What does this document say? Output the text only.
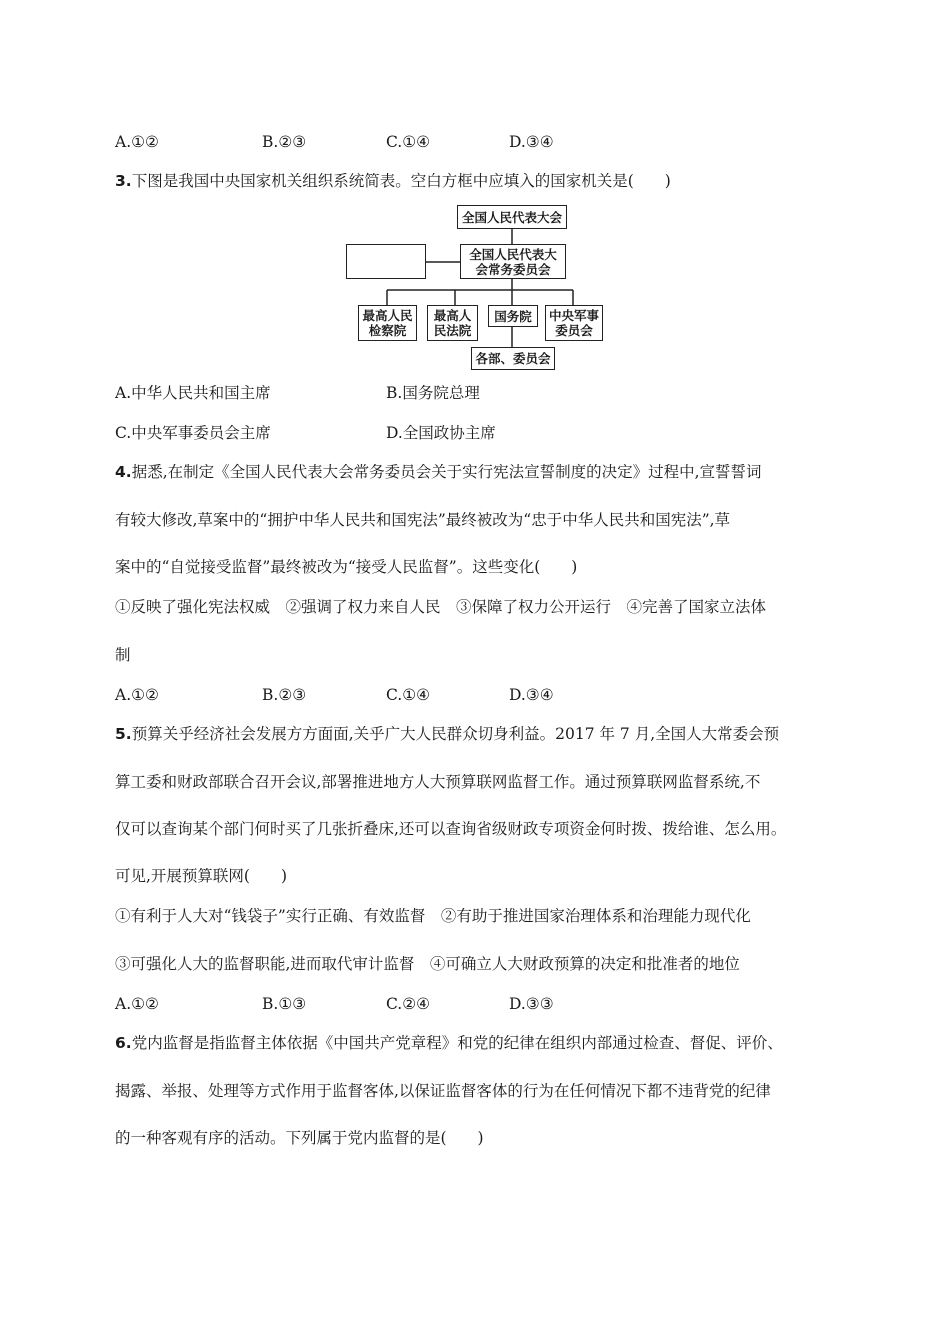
A.①②	B.②③	C.①④	D.③④
3.下图是我国中央国家机关组织系统简表。空白方框中应填入的国家机关是(　　)
全国人民代表大会
全国人民代表大
会常务委员会
最高人民
检察院
最高人
民法院
国务院 中央军事
委员会
各部、委员会
A.中华人民共和国主席	B.国务院总理
C.中央军事委员会主席	D.全国政协主席
4.据悉,在制定《全国人民代表大会常务委员会关于实行宪法宣誓制度的决定》过程中,宣誓誓词
有较大修改,草案中的“拥护中华人民共和国宪法”最终被改为“忠于中华人民共和国宪法”,草
案中的“自觉接受监督”最终被改为“接受人民监督”。这些变化(　　)
①反映了强化宪法权威　②强调了权力来自人民　③保障了权力公开运行　④完善了国家立法体
制
A.①②	B.②③	C.①④	D.③④
5.预算关乎经济社会发展方方面面,关乎广大人民群众切身利益。2017 年 7 月,全国人大常委会预
算工委和财政部联合召开会议,部署推进地方人大预算联网监督工作。通过预算联网监督系统,不
仅可以查询某个部门何时买了几张折叠床,还可以查询省级财政专项资金何时拨、拨给谁、怎么用。
可见,开展预算联网(　　)
①有利于人大对“钱袋子”实行正确、有效监督　②有助于推进国家治理体系和治理能力现代化
③可强化人大的监督职能,进而取代审计监督　④可确立人大财政预算的决定和批准者的地位
A.①②	B.①③	C.②④	D.③③
6.党内监督是指监督主体依据《中国共产党章程》和党的纪律在组织内部通过检查、督促、评价、
揭露、举报、处理等方式作用于监督客体,以保证监督客体的行为在任何情况下都不违背党的纪律
的一种客观有序的活动。下列属于党内监督的是(　　)
